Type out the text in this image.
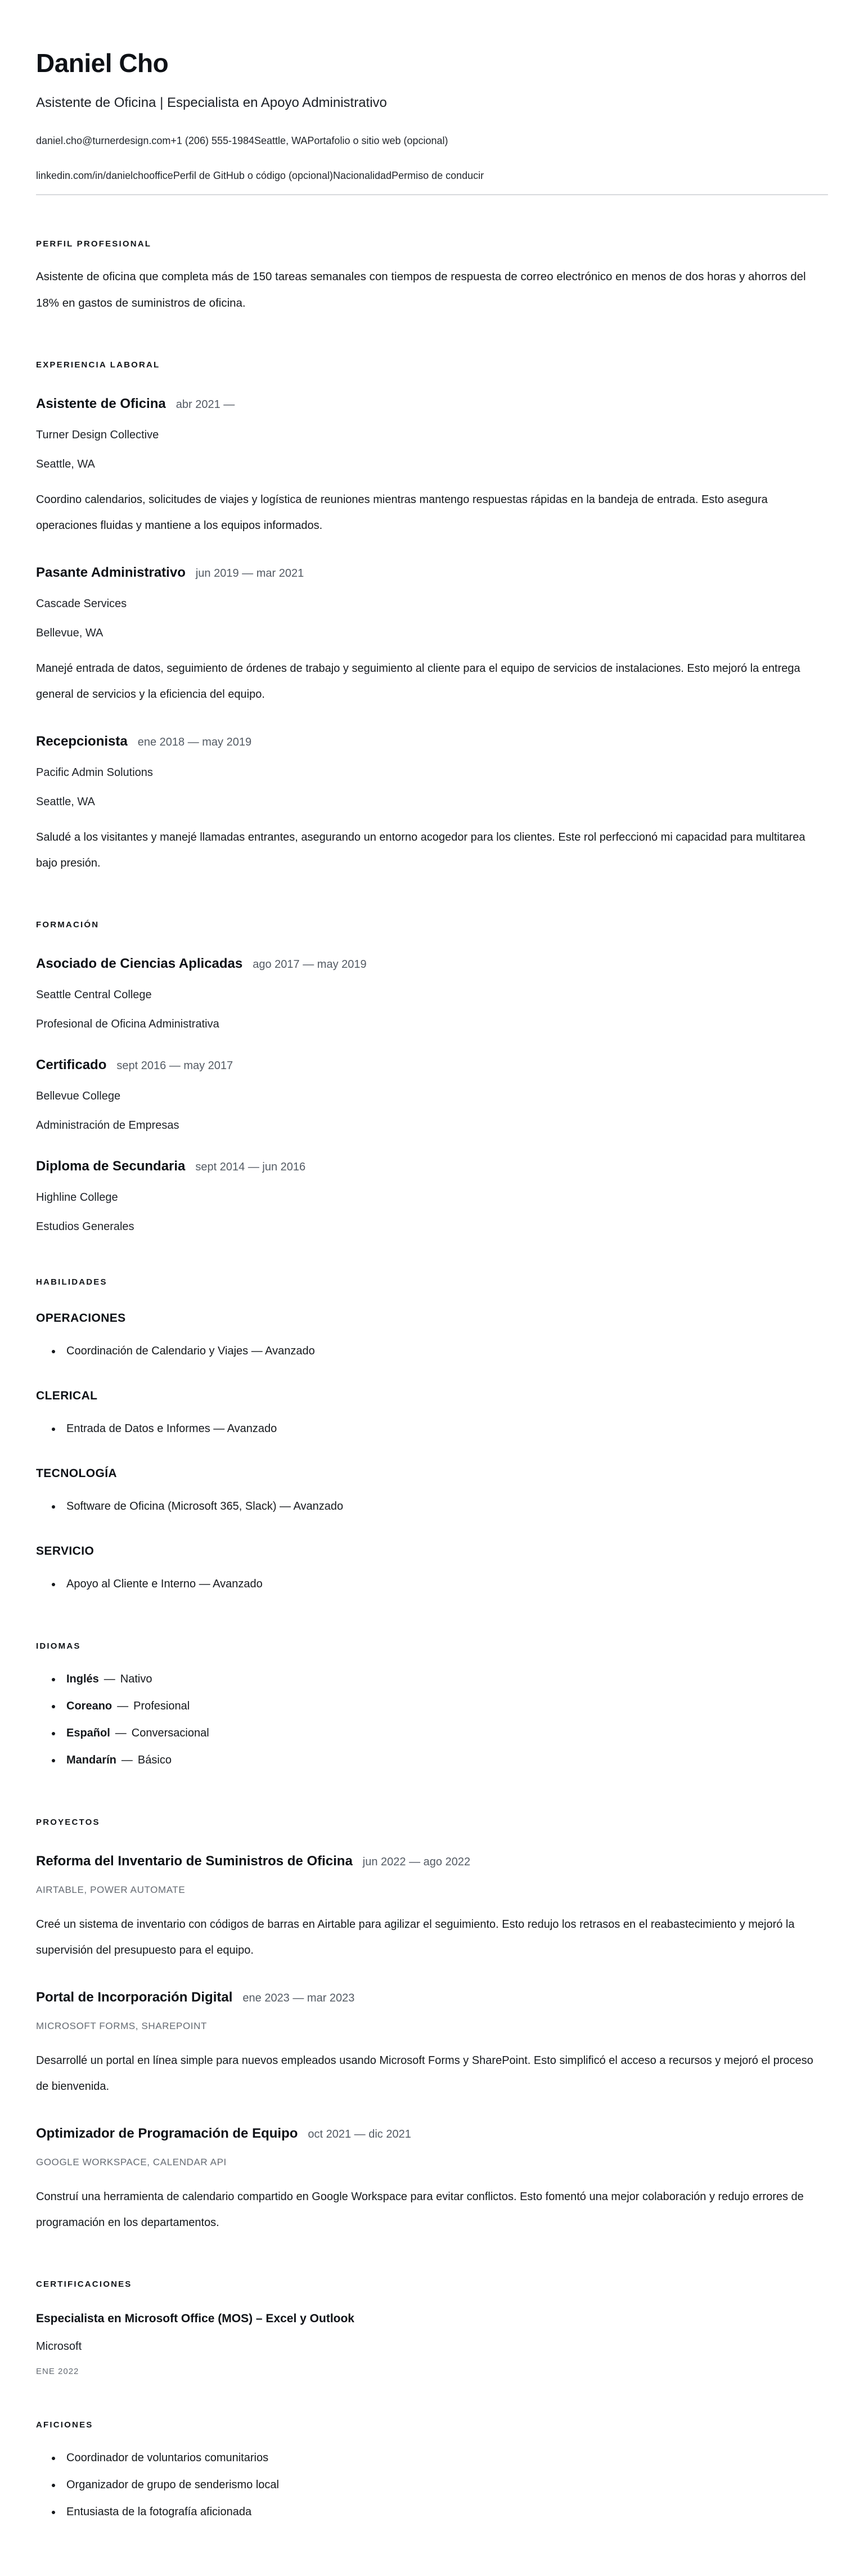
Daniel Cho
Asistente de Oficina | Especialista en Apoyo Administrativo
daniel.cho@turnerdesign.com +1 (206) 555-1984 Seattle, WA Portafolio o sitio web (opcional)
linkedin.com/in/danielchooffice Perfil de GitHub o código (opcional) Nacionalidad Permiso de conducir
PERFIL PROFESIONAL

Asistente de oficina que completa más de 150 tareas semanales con tiempos de respuesta de correo electrónico en menos de dos horas y ahorros del 18% en gastos de suministros de oficina.

EXPERIENCIA LABORAL
Asistente de Oficina abr 2021 —
Turner Design Collective
Seattle, WA

Coordino calendarios, solicitudes de viajes y logística de reuniones mientras mantengo respuestas rápidas en la bandeja de entrada. Esto asegura operaciones fluidas y mantiene a los equipos informados.

Pasante Administrativo jun 2019 — mar 2021
Cascade Services
Bellevue, WA

Manejé entrada de datos, seguimiento de órdenes de trabajo y seguimiento al cliente para el equipo de servicios de instalaciones. Esto mejoró la entrega general de servicios y la eficiencia del equipo.

Recepcionista ene 2018 — may 2019
Pacific Admin Solutions
Seattle, WA

Saludé a los visitantes y manejé llamadas entrantes, asegurando un entorno acogedor para los clientes. Este rol perfeccionó mi capacidad para multitarea bajo presión.

FORMACIÓN
Asociado de Ciencias Aplicadas ago 2017 — may 2019
Seattle Central College
Profesional de Oficina Administrativa
Certificado sept 2016 — may 2017
Bellevue College
Administración de Empresas
Diploma de Secundaria sept 2014 — jun 2016
Highline College
Estudios Generales
HABILIDADES
OPERACIONES
• Coordinación de Calendario y Viajes — Avanzado
CLERICAL
• Entrada de Datos e Informes — Avanzado
TECNOLOGÍA
• Software de Oficina (Microsoft 365, Slack) — Avanzado
SERVICIO
• Apoyo al Cliente e Interno — Avanzado
IDIOMAS
• Inglés — Nativo
• Coreano — Profesional
• Español — Conversacional
• Mandarín — Básico
PROYECTOS
Reforma del Inventario de Suministros de Oficina jun 2022 — ago 2022
AIRTABLE, POWER AUTOMATE

Creé un sistema de inventario con códigos de barras en Airtable para agilizar el seguimiento. Esto redujo los retrasos en el reabastecimiento y mejoró la supervisión del presupuesto para el equipo.

Portal de Incorporación Digital ene 2023 — mar 2023
MICROSOFT FORMS, SHAREPOINT

Desarrollé un portal en línea simple para nuevos empleados usando Microsoft Forms y SharePoint. Esto simplificó el acceso a recursos y mejoró el proceso de bienvenida.

Optimizador de Programación de Equipo oct 2021 — dic 2021
GOOGLE WORKSPACE, CALENDAR API

Construí una herramienta de calendario compartido en Google Workspace para evitar conflictos. Esto fomentó una mejor colaboración y redujo errores de programación en los departamentos.

CERTIFICACIONES
Especialista en Microsoft Office (MOS) – Excel y Outlook
Microsoft
ENE 2022
AFICIONES
• Coordinador de voluntarios comunitarios
• Organizador de grupo de senderismo local
• Entusiasta de la fotografía aficionada
